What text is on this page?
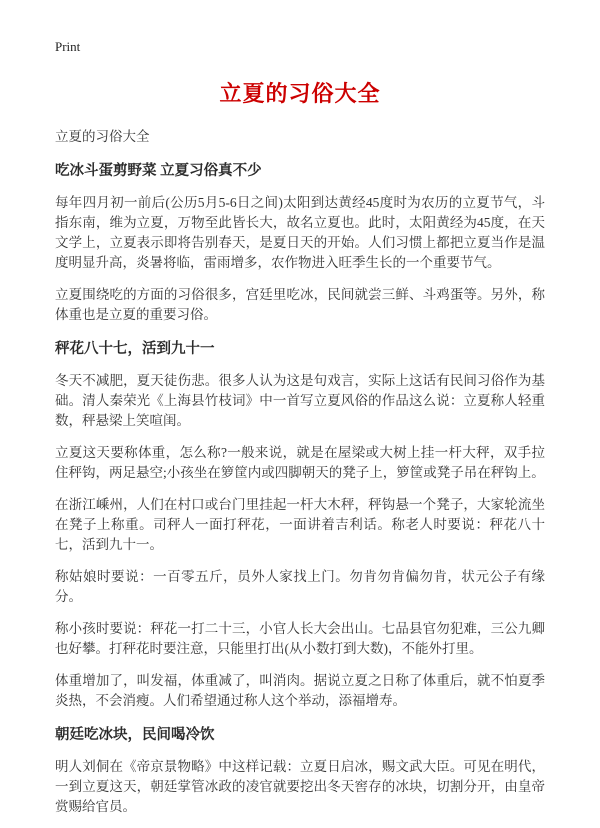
Print
立夏的习俗大全

立夏的习俗大全

吃冰斗蛋剪野菜 立夏习俗真不少

每年四月初一前后(公历5月5-6日之间)太阳到达黄经45度时为农历的立夏节气，斗指东南，维为立夏，万物至此皆长大，故名立夏也。此时，太阳黄经为45度，在天文学上，立夏表示即将告别春天，是夏日天的开始。人们习惯上都把立夏当作是温度明显升高，炎暑将临，雷雨增多，农作物进入旺季生长的一个重要节气。

立夏围绕吃的方面的习俗很多，宫廷里吃冰，民间就尝三鲜、斗鸡蛋等。另外，称体重也是立夏的重要习俗。

秤花八十七，活到九十一

冬天不减肥，夏天徒伤悲。很多人认为这是句戏言，实际上这话有民间习俗作为基础。清人秦荣光《上海县竹枝词》中一首写立夏风俗的作品这么说：立夏称人轻重数，秤悬梁上笑喧闺。

立夏这天要称体重，怎么称?一般来说，就是在屋梁或大树上挂一杆大秤，双手拉住秤钩，两足悬空;小孩坐在箩筐内或四脚朝天的凳子上，箩筐或凳子吊在秤钩上。

在浙江嵊州，人们在村口或台门里挂起一杆大木秤，秤钩悬一个凳子，大家轮流坐在凳子上称重。司秤人一面打秤花，一面讲着吉利话。称老人时要说：秤花八十七，活到九十一。

称姑娘时要说：一百零五斤，员外人家找上门。勿肯勿肯偏勿肯，状元公子有缘分。

称小孩时要说：秤花一打二十三，小官人长大会出山。七品县官勿犯难，三公九卿也好攀。打秤花时要注意，只能里打出(从小数打到大数)，不能外打里。

体重增加了，叫发福，体重减了，叫消肉。据说立夏之日称了体重后，就不怕夏季炎热，不会消瘦。人们希望通过称人这个举动，添福增寿。

朝廷吃冰块，民间喝冷饮

明人刘侗在《帝京景物略》中这样记载：立夏日启冰，赐文武大臣。可见在明代，一到立夏这天，朝廷掌管冰政的凌官就要挖出冬天窖存的冰块，切割分开，由皇帝赏赐给官员。
